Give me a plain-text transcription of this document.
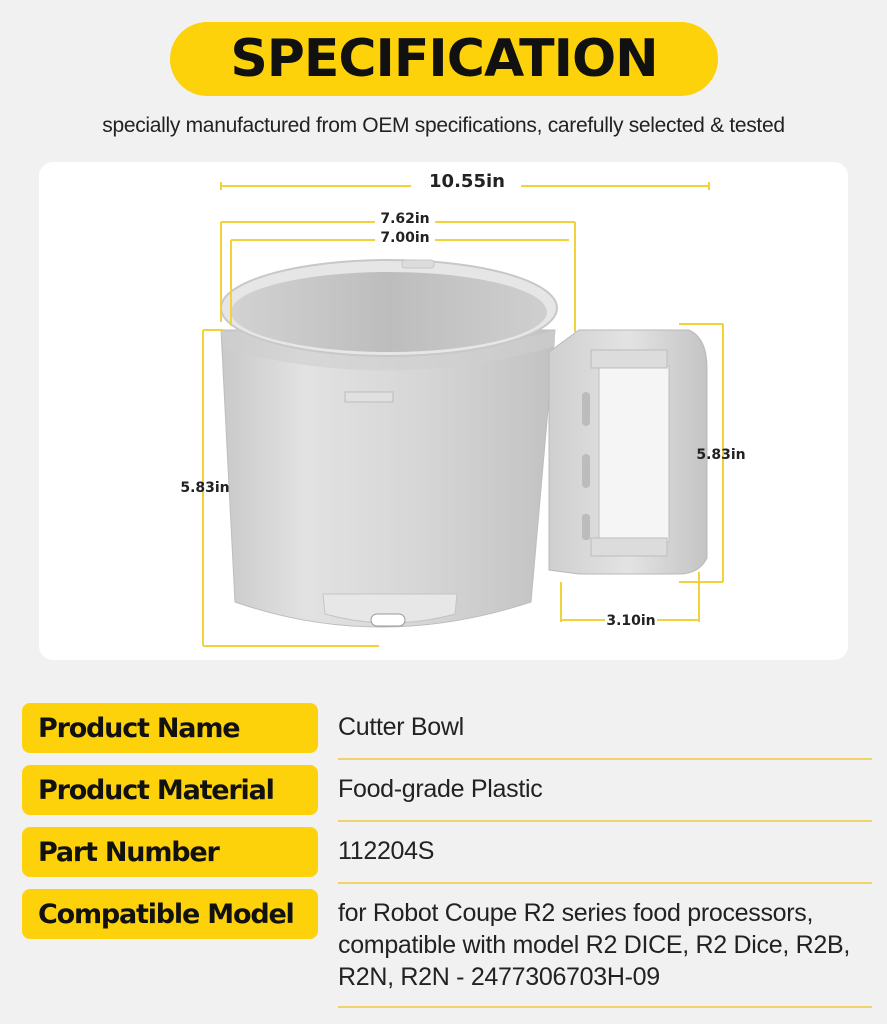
SPECIFICATION
specially manufactured from OEM specifications, carefully selected & tested
10.55in
7.62in
7.00in
5.83in
5.83in
3.10in
Product Name	Cutter Bowl
Product Material	Food-grade Plastic
Part Number	112204S
Compatible Model	for Robot Coupe R2 series food processors, compatible with model R2 DICE, R2 Dice, R2B, R2N, R2N - 2477306703H-09
